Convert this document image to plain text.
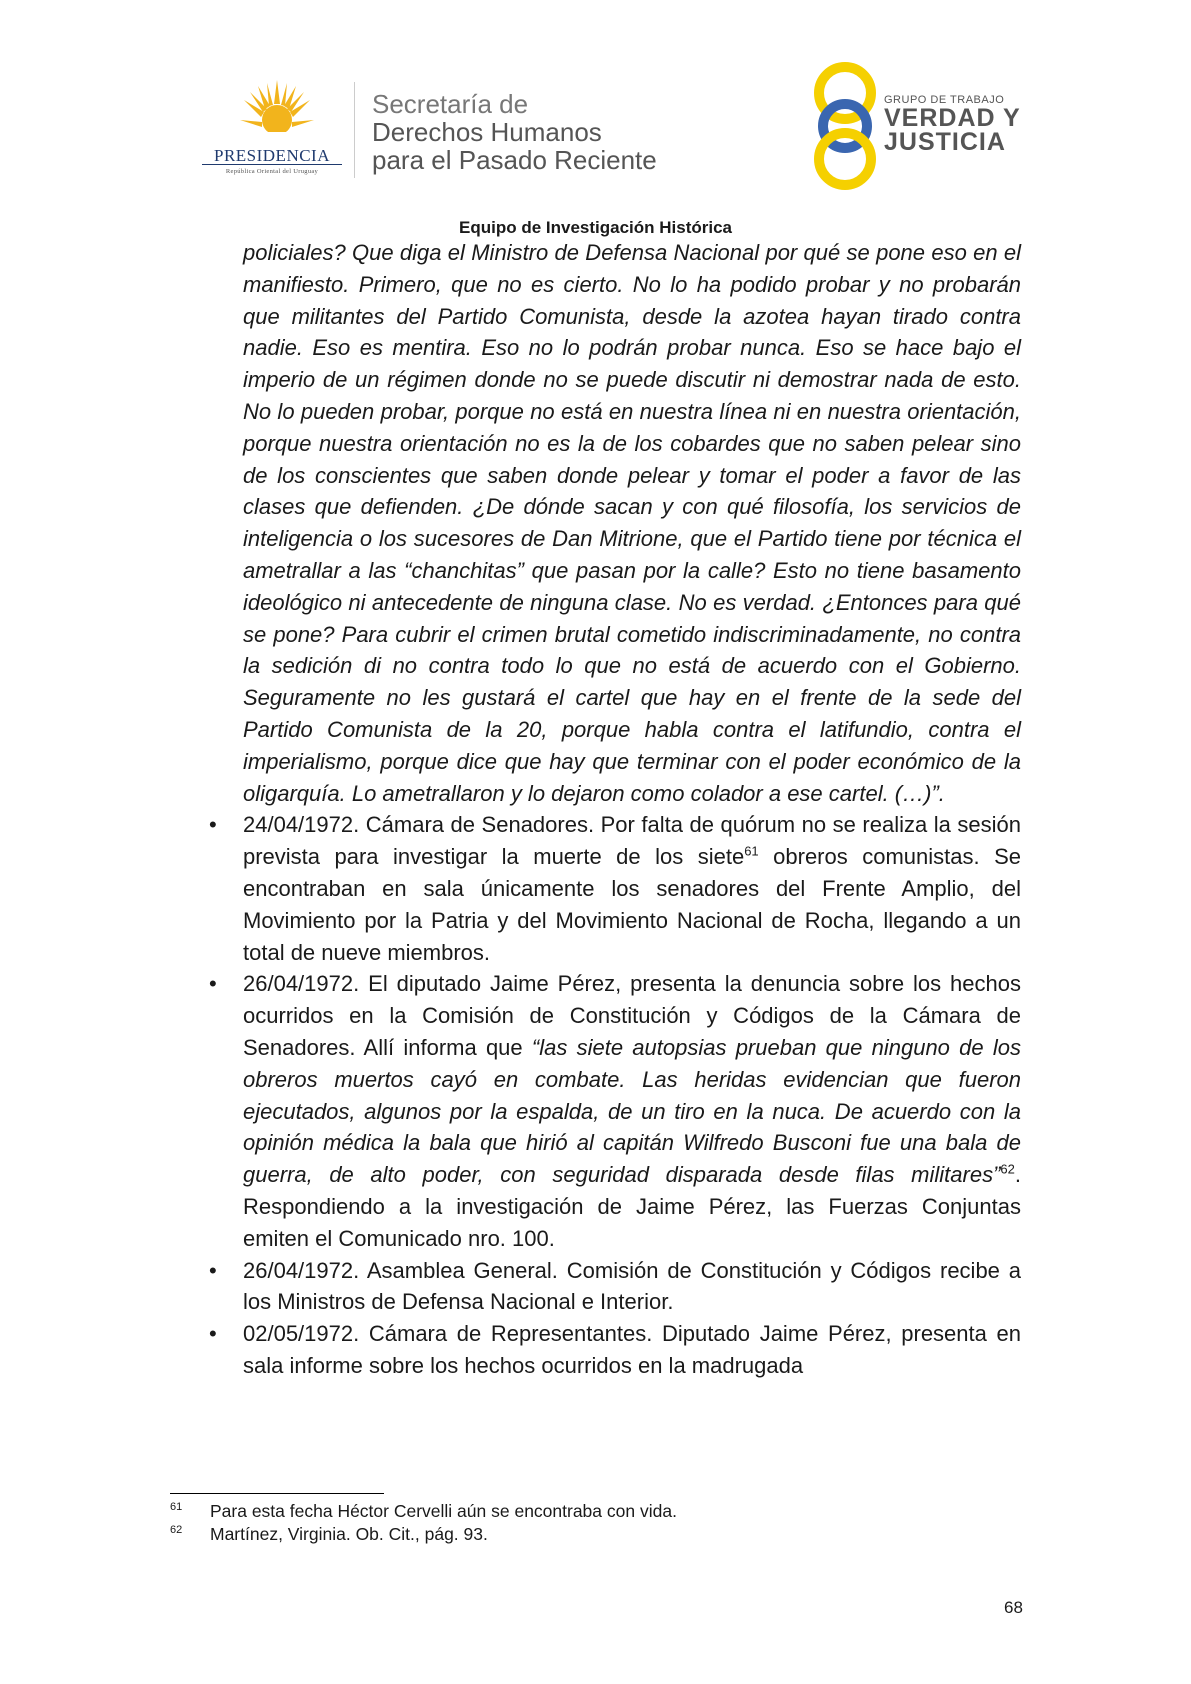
PRESIDENCIA
República Oriental del Uruguay
Secretaría de
Derechos Humanos
para el Pasado Reciente
GRUPO DE TRABAJO
VERDAD Y
JUSTICIA
Equipo de Investigación Histórica

policiales? Que diga el Ministro de Defensa Nacional por qué se pone eso en el manifiesto. Primero, que no es cierto. No lo ha podido probar y no probarán que militantes del Partido Comunista, desde la azotea hayan tirado contra nadie. Eso es mentira. Eso no lo podrán probar nunca. Eso se hace bajo el imperio de un régimen donde no se puede discutir ni demostrar nada de esto. No lo pueden probar, porque no está en nuestra línea ni en nuestra orientación, porque nuestra orientación no es la de los cobardes que no saben pelear sino de los conscientes que saben donde pelear y tomar el poder a favor de las clases que defienden. ¿De dónde sacan y con qué filosofía, los servicios de inteligencia o los sucesores de Dan Mitrione, que el Partido tiene por técnica el ametrallar a las “chanchitas” que pasan por la calle? Esto no tiene basamento ideológico ni antecedente de ninguna clase. No es verdad. ¿Entonces para qué se pone? Para cubrir el crimen brutal cometido indiscriminadamente, no contra la sedición di no contra todo lo que no está de acuerdo con el Gobierno. Seguramente no les gustará el cartel que hay en el frente de la sede del Partido Comunista de la 20, porque habla contra el latifundio, contra el imperialismo, porque dice que hay que terminar con el poder económico de la oligarquía. Lo ametrallaron y lo dejaron como colador a ese cartel. (…)”.

• 24/04/1972. Cámara de Senadores. Por falta de quórum no se realiza la sesión prevista para investigar la muerte de los siete$^{61}$ obreros comunistas. Se encontraban en sala únicamente los senadores del Frente Amplio, del Movimiento por la Patria y del Movimiento Nacional de Rocha, llegando a un total de nueve miembros.
• 26/04/1972. El diputado Jaime Pérez, presenta la denuncia sobre los hechos ocurridos en la Comisión de Constitución y Códigos de la Cámara de Senadores. Allí informa que “las siete autopsias prueban que ninguno de los obreros muertos cayó en combate. Las heridas evidencian que fueron ejecutados, algunos por la espalda, de un tiro en la nuca. De acuerdo con la opinión médica la bala que hirió al capitán Wilfredo Busconi fue una bala de guerra, de alto poder, con seguridad disparada desde filas militares”$^{62}$. Respondiendo a la investigación de Jaime Pérez, las Fuerzas Conjuntas emiten el Comunicado nro. 100.
• 26/04/1972. Asamblea General. Comisión de Constitución y Códigos recibe a los Ministros de Defensa Nacional e Interior.
• 02/05/1972. Cámara de Representantes. Diputado Jaime Pérez, presenta en sala informe sobre los hechos ocurridos en la madrugada
61 Para esta fecha Héctor Cervelli aún se encontraba con vida.
62 Martínez, Virginia. Ob. Cit., pág. 93.
68
